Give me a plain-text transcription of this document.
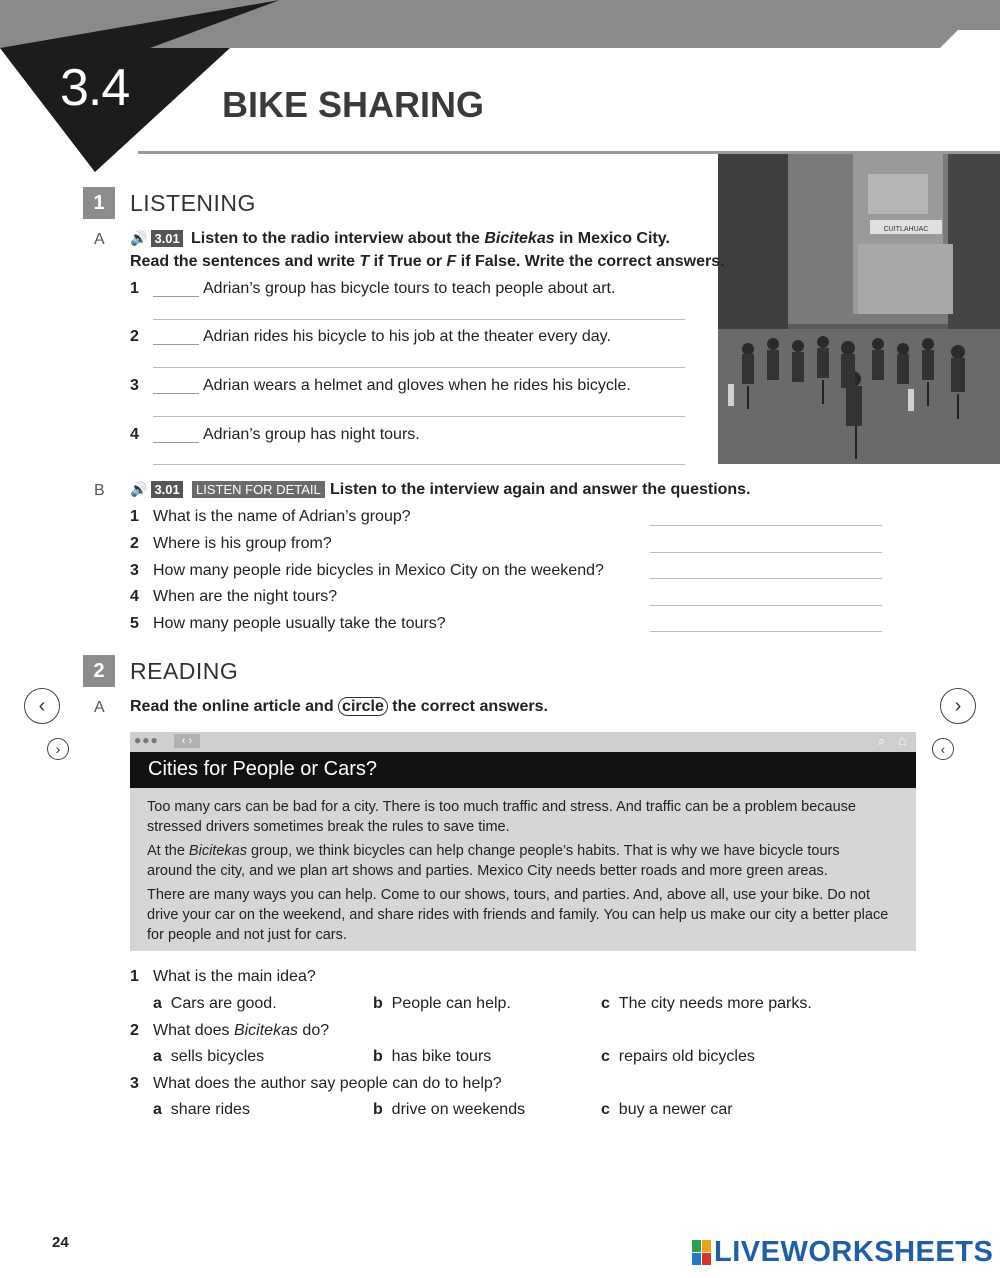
3.4	BIKE SHARING
CUITLAHUAC
1	LISTENING
A 🔊 3.01 Listen to the radio interview about the Bicitekas in Mexico City.
Read the sentences and write T if True or F if False. Write the correct answers.
1	Adrian’s group has bicycle tours to teach people about art.
2	Adrian rides his bicycle to his job at the theater every day.
3	Adrian wears a helmet and gloves when he rides his bicycle.
4	Adrian’s group has night tours.
B 🔊 3.01	LISTEN FOR DETAIL Listen to the interview again and answer the questions.
1 What is the name of Adrian’s group?
2 Where is his group from?
3 How many people ride bicycles in Mexico City on the weekend?
4 When are the night tours?
5 How many people usually take the tours?
2	READING
‹	›
›	‹
A Read the online article and circle the correct answers.
●●●	‹ ›	⌕ ⌂
Cities for People or Cars?

Too many cars can be bad for a city. There is too much traffic and stress. And traffic can be a problem because stressed drivers sometimes break the rules to save time.

At the Bicitekas group, we think bicycles can help change people’s habits. That is why we have bicycle tours around the city, and we plan art shows and parties. Mexico City needs better roads and more green areas.

There are many ways you can help. Come to our shows, tours, and parties. And, above all, use your bike. Do not drive your car on the weekend, and share rides with friends and family. You can help us make our city a better place for people and not just for cars.

1 What is the main idea?
a Cars are good.	b People can help.	c The city needs more parks.
2 What does Bicitekas do?
a sells bicycles	b has bike tours	c repairs old bicycles
3 What does the author say people can do to help?
a share rides	b drive on weekends	c buy a newer car
24	LIVEWORKSHEETS
